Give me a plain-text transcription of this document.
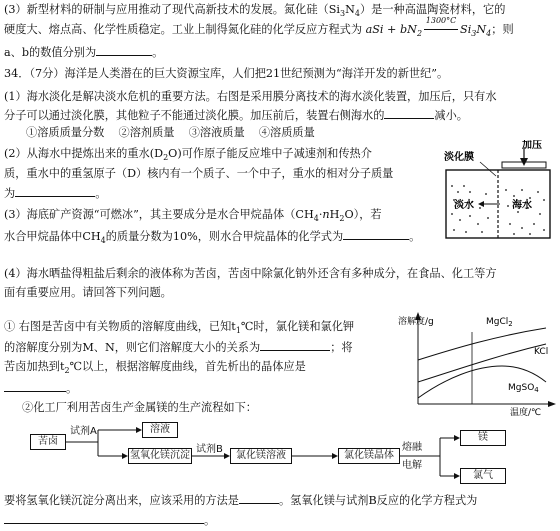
(3）新型材料的研制与应用推动了现代高新技术的发展。氮化硅$(Si_3N_4)$是一种高温陶瓷材料，它的
硬度大、熔点高、化学性质稳定。工业上制得氮化硅的化学反应方程式为 aSi + $bN_2$
1300°C
$Si_3N_4$；则
a、b的数值分别为	。
34．（7分）海洋是人类潜在的巨大资源宝库，人们把21世纪预测为“海洋开发的新世纪”。
(1）海水淡化是解决淡水危机的重要方法。右图是采用膜分离技术的海水淡化装置，加压后，只有水
分子可以通过淡化膜，其他粒子不能通过淡化膜。加压前后，装置右侧海水的	减小。
①溶质质量分数    ②溶剂质量    ③溶液质量    ④溶质质量
(2）从海水中提炼出来的重水$(D_2O)$可作原子能反应堆中子减速剂和传热介
质，重水中的重氢原子（D）核内有一个质子、一个中子，重水的相对分子质量
为	。
(3）海底矿产资源“可燃冰”，其主要成分是水合甲烷晶体$(CH_4\cdot nH_2O)$，若
水合甲烷晶体中$CH_4$的质量分数为10%，则水合甲烷晶体的化学式为	。
加压
淡化膜
淡水	海水
(4）海水晒盐得粗盐后剩余的液体称为苦卤，苦卤中除氯化钠外还含有多种成分，在食品、化工等方
面有重要应用。请回答下列问题。
① 右图是苦卤中有关物质的溶解度曲线，已知$t_1℃$时，氯化镁和氯化钾
的溶解度分别为M、N，则它们溶解度大小的关系为	；将
苦卤加热到$t_2℃$以上，根据溶解度曲线，首先析出的晶体应是
。
②化工厂利用苦卤生产金属镁的生产流程如下：
溶解度/g	MgCl$_2$
KCl
MgSO$_4$
温度/℃
苦卤
试剂A	溶液
氢氧化镁沉淀
试剂B
氯化镁溶液	氯化镁晶体
熔融
电解
镁
氯气
要将氢氧化镁沉淀分离出来，应该采用的方法是	。氢氧化镁与试剂B反应的化学方程式为
。
